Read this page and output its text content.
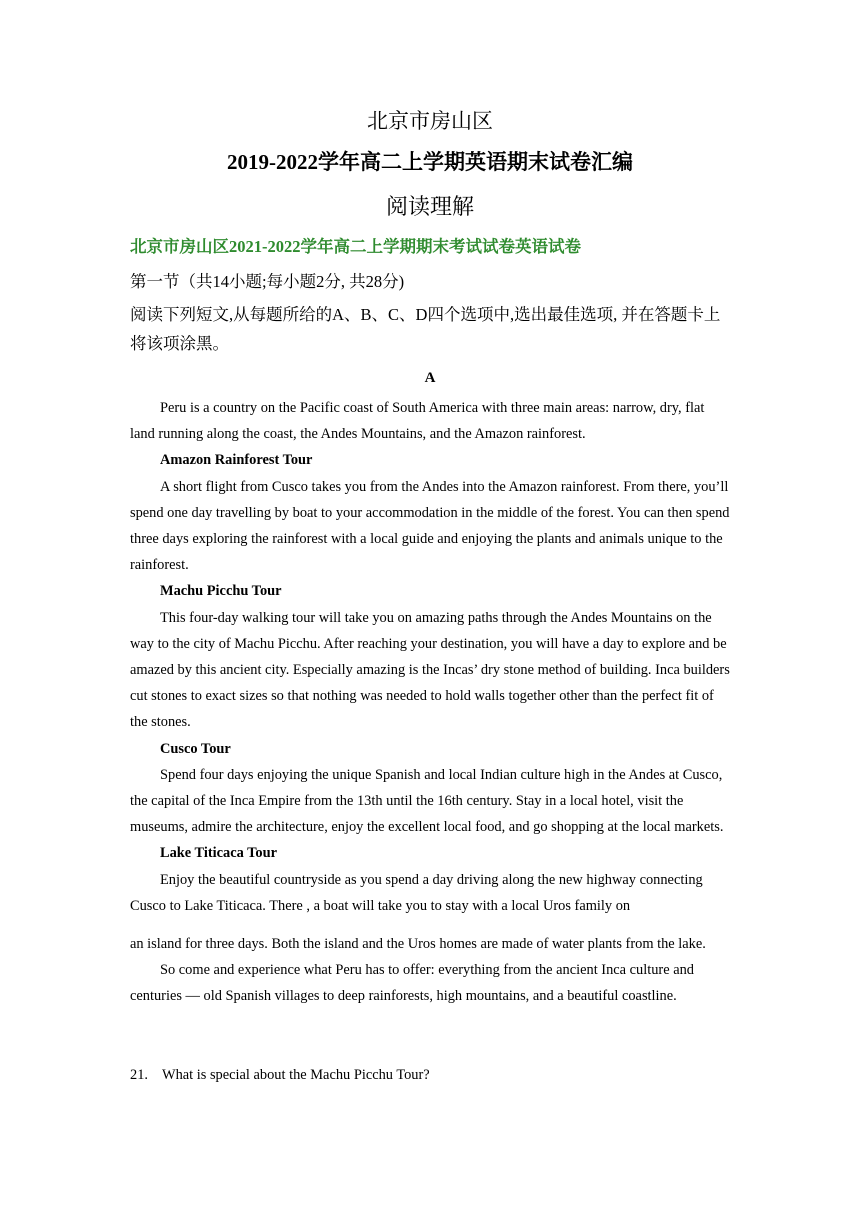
北京市房山区
2019-2022学年高二上学期英语期末试卷汇编
阅读理解
北京市房山区2021-2022学年高二上学期期末考试试卷英语试卷
第一节（共14小题;每小题2分, 共28分)
阅读下列短文,从每题所给的A、B、C、D四个选项中,选出最佳选项, 并在答题卡上将该项涂黑。
A

Peru is a country on the Pacific coast of South America with three main areas: narrow, dry, flat land running along the coast, the Andes Mountains, and the Amazon rainforest.

Amazon Rainforest Tour

A short flight from Cusco takes you from the Andes into the Amazon rainforest. From there, you’ll spend one day travelling by boat to your accommodation in the middle of the forest. You can then spend three days exploring the rainforest with a local guide and enjoying the plants and animals unique to the rainforest.

Machu Picchu Tour

This four-day walking tour will take you on amazing paths through the Andes Mountains on the way to the city of Machu Picchu. After reaching your destination, you will have a day to explore and be amazed by this ancient city. Especially amazing is the Incas’ dry stone method of building. Inca builders cut stones to exact sizes so that nothing was needed to hold walls together other than the perfect fit of the stones.

Cusco Tour

Spend four days enjoying the unique Spanish and local Indian culture high in the Andes at Cusco, the capital of the Inca Empire from the 13th until the 16th century. Stay in a local hotel, visit the museums, admire the architecture, enjoy the excellent local food, and go shopping at the local markets.

Lake Titicaca Tour

Enjoy the beautiful countryside as you spend a day driving along the new highway connecting Cusco to Lake Titicaca. There , a boat will take you to stay with a local Uros family on

an island for three days. Both the island and the Uros homes are made of water plants from the lake.

So come and experience what Peru has to offer: everything from the ancient Inca culture and centuries — old Spanish villages to deep rainforests, high mountains, and a beautiful coastline.

21. What is special about the Machu Picchu Tour?
